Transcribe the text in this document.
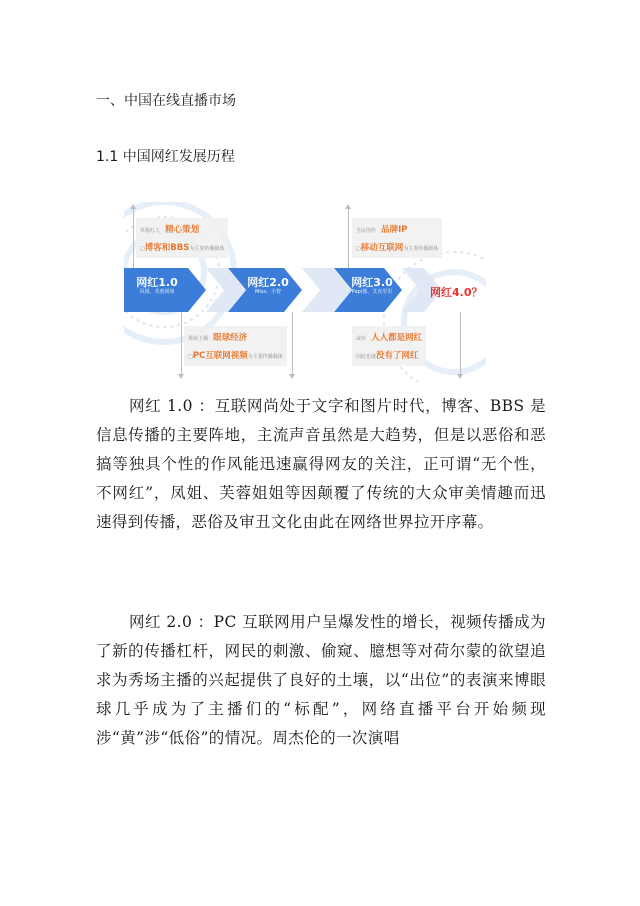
一、中国在线直播市场
1.1 中国网红发展历程
草根红人 精心策划
□博客和BBS为主要传播载体
全民创作 品牌IP
□移动互联网为主要传播载体
秀场主播 眼球经济
□PC互联网视频为主要传播载体
或许 人人都是网红
因此也就没有了网红
网红1.0
凤姐、芙蓉姐姐
网红2.0
Miss、小智
网红3.0
Papi酱、艾克里里	网红4.0？

网红 1.0 ：互联网尚处于文字和图片时代，博客、BBS 是信息传播的主要阵地，主流声音虽然是大趋势，但是以恶俗和恶搞等独具个性的作风能迅速赢得网友的关注，正可谓“无个性，不网红”，凤姐、芙蓉姐姐等因颠覆了传统的大众审美情趣而迅速得到传播，恶俗及审丑文化由此在网络世界拉开序幕。

网红 2.0 ：PC 互联网用户呈爆发性的增长，视频传播成为了新的传播杠杆，网民的刺激、偷窥、臆想等对荷尔蒙的欲望追求为秀场主播的兴起提供了良好的土壤，以“出位”的表演来博眼球几乎成为了主播们的“标配”，网络直播平台开始频现涉“黄”涉“低俗”的情况。周杰伦的一次演唱
